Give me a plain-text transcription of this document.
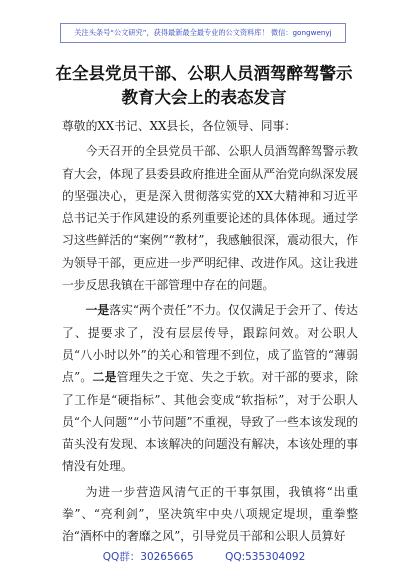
关注头条号“公文研究”，获得最新最全最专业的公文资料库！ 微信：gongwenyj
在全县党员干部、公职人员酒驾醉驾警示
教育大会上的表态发言

尊敬的XX书记、XX县长，各位领导、同事：

今天召开的全县党员干部、公职人员酒驾醉驾警示教育大会，体现了县委县政府推进全面从严治党向纵深发展的坚强决心，更是深入贯彻落实党的XX大精神和习近平总书记关于作风建设的系列重要论述的具体体现。通过学习这些鲜活的“案例”“教材”，我感触很深，震动很大，作为领导干部，更应进一步严明纪律、改进作风。这让我进一步反思我镇在干部管理中存在的问题。

一是落实“两个责任”不力。仅仅满足于会开了、传达了、提要求了，没有层层传导，跟踪问效。对公职人员“八小时以外”的关心和管理不到位，成了监管的“薄弱点”。二是管理失之于宽、失之于软。对干部的要求，除了工作是“硬指标”、其他会变成“软指标”，对于公职人员“个人问题”“小节问题”不重视，导致了一些本该发现的苗头没有发现、本该解决的问题没有解决，本该处理的事情没有处理。

为进一步营造风清气正的干事氛围，我镇将“出重拳”、“亮利剑”，坚决筑牢中央八项规定堤坝，重拳整治“酒杯中的奢靡之风”，引导党员干部和公职人员算好

QQ群：30265665	QQ:535304092
